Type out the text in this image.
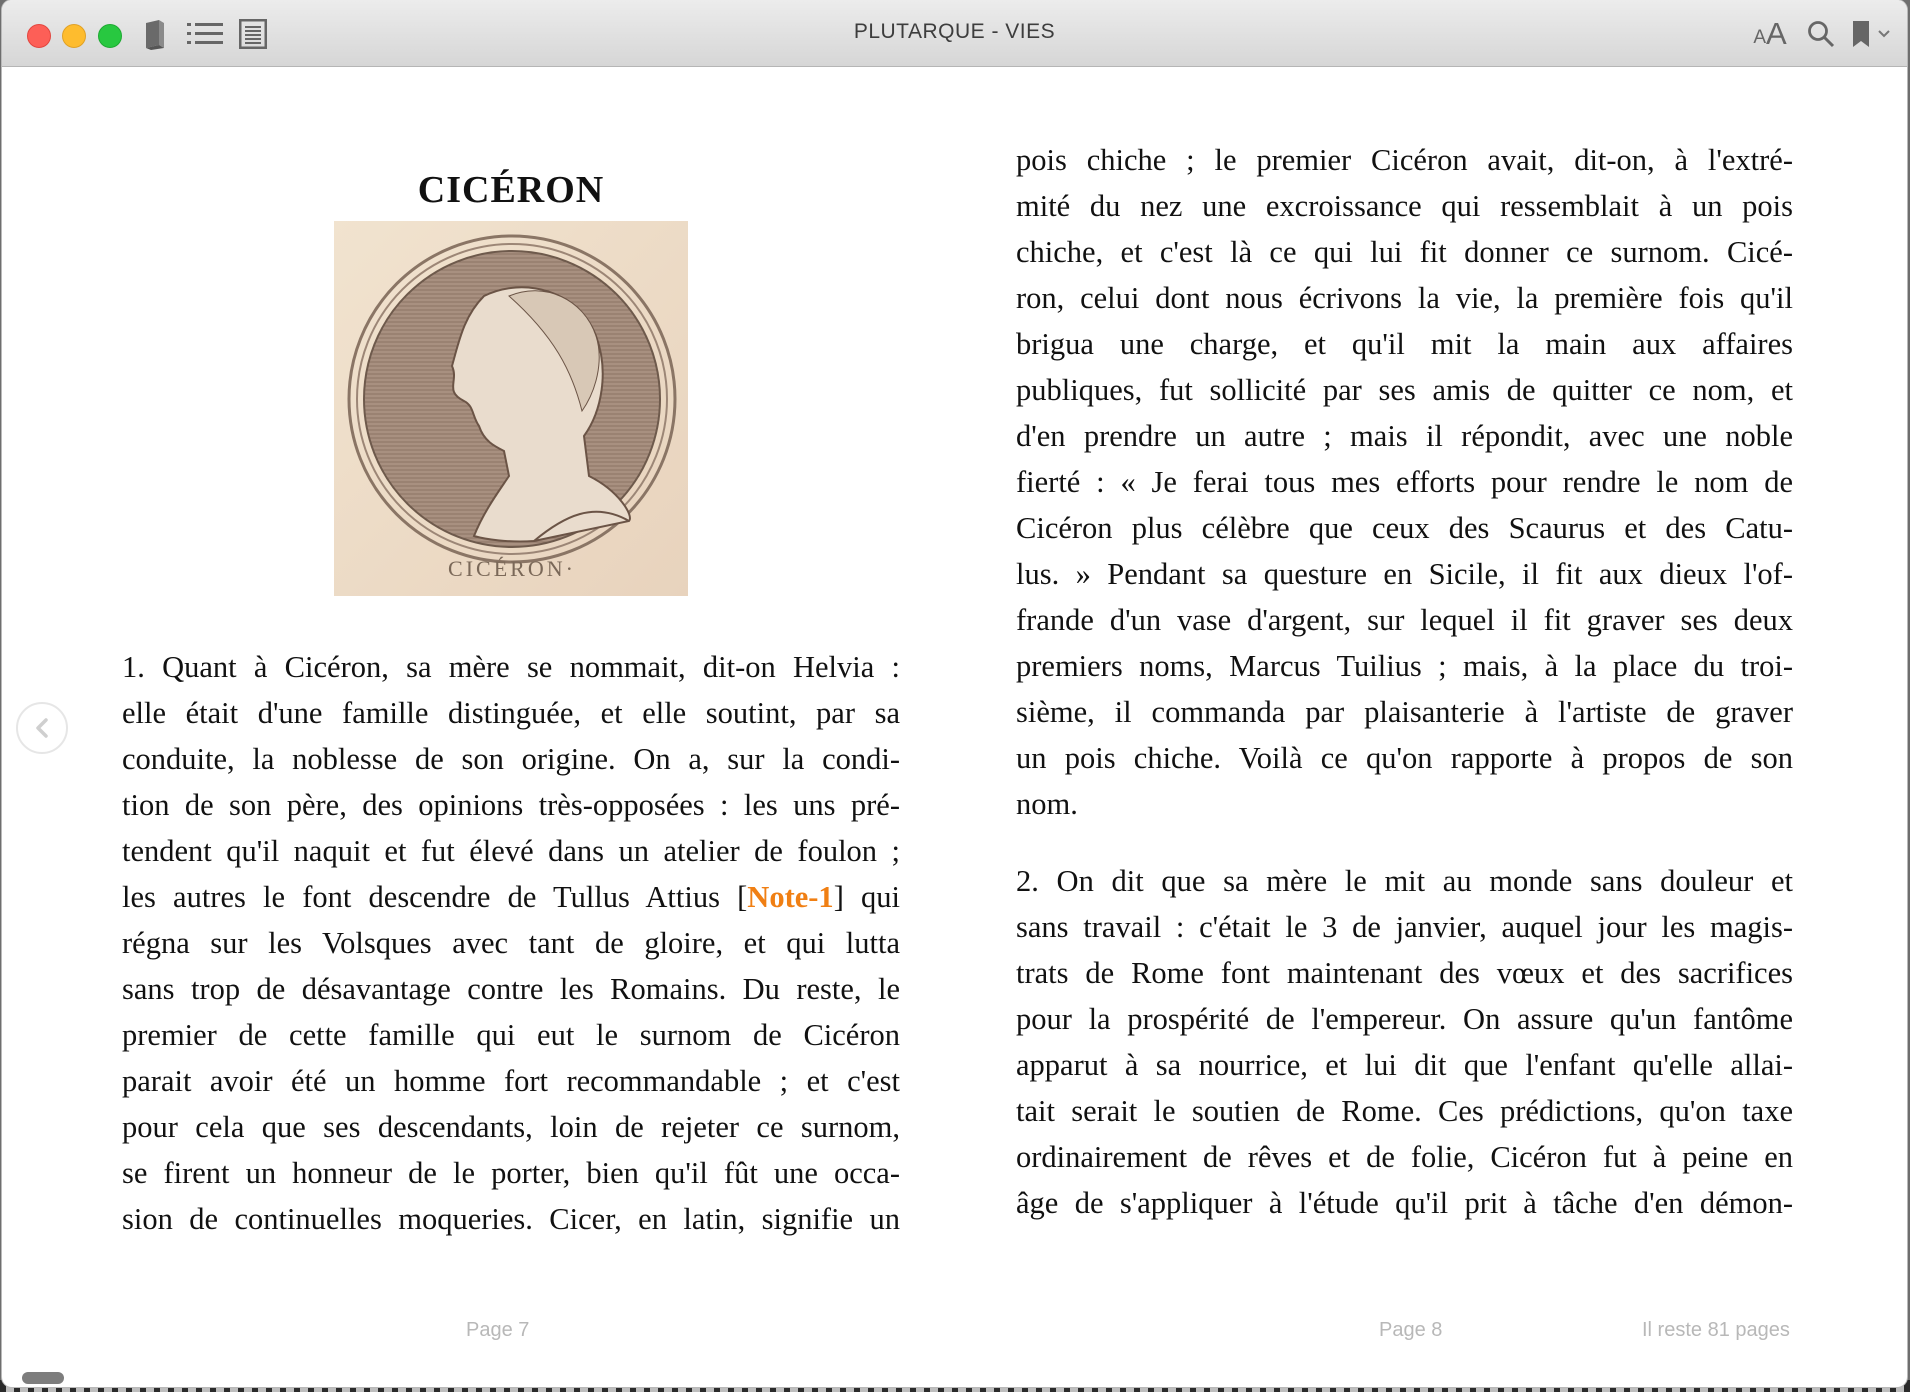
PLUTARQUE - VIES	A A
CICÉRON
CICÉRON·
1. Quant à Cicéron, sa mère se nommait, dit-on Helvia :
elle était d'une famille distinguée, et elle soutint, par sa
conduite, la noblesse de son origine. On a, sur la condi-
tion de son père, des opinions très-opposées : les uns pré-
tendent qu'il naquit et fut élevé dans un atelier de foulon ;
les autres le font descendre de Tullus Attius [Note-1] qui
régna sur les Volsques avec tant de gloire, et qui lutta
sans trop de désavantage contre les Romains. Du reste, le
premier de cette famille qui eut le surnom de Cicéron
parait avoir été un homme fort recommandable ; et c'est
pour cela que ses descendants, loin de rejeter ce surnom,
se firent un honneur de le porter, bien qu'il fût une occa-
sion de continuelles moqueries. Cicer, en latin, signifie un
Page 7
pois chiche ; le premier Cicéron avait, dit-on, à l'extré-
mité du nez une excroissance qui ressemblait à un pois
chiche, et c'est là ce qui lui fit donner ce surnom. Cicé-
ron, celui dont nous écrivons la vie, la première fois qu'il
brigua une charge, et qu'il mit la main aux affaires
publiques, fut sollicité par ses amis de quitter ce nom, et
d'en prendre un autre ; mais il répondit, avec une noble
fierté : « Je ferai tous mes efforts pour rendre le nom de
Cicéron plus célèbre que ceux des Scaurus et des Catu-
lus. » Pendant sa questure en Sicile, il fit aux dieux l'of-
frande d'un vase d'argent, sur lequel il fit graver ses deux
premiers noms, Marcus Tuilius ; mais, à la place du troi-
sième, il commanda par plaisanterie à l'artiste de graver
un pois chiche. Voilà ce qu'on rapporte à propos de son
nom.
2. On dit que sa mère le mit au monde sans douleur et
sans travail : c'était le 3 de janvier, auquel jour les magis-
trats de Rome font maintenant des vœux et des sacrifices
pour la prospérité de l'empereur. On assure qu'un fantôme
apparut à sa nourrice, et lui dit que l'enfant qu'elle allai-
tait serait le soutien de Rome. Ces prédictions, qu'on taxe
ordinairement de rêves et de folie, Cicéron fut à peine en
âge de s'appliquer à l'étude qu'il prit à tâche d'en démon-
Page 8	Il reste 81 pages
